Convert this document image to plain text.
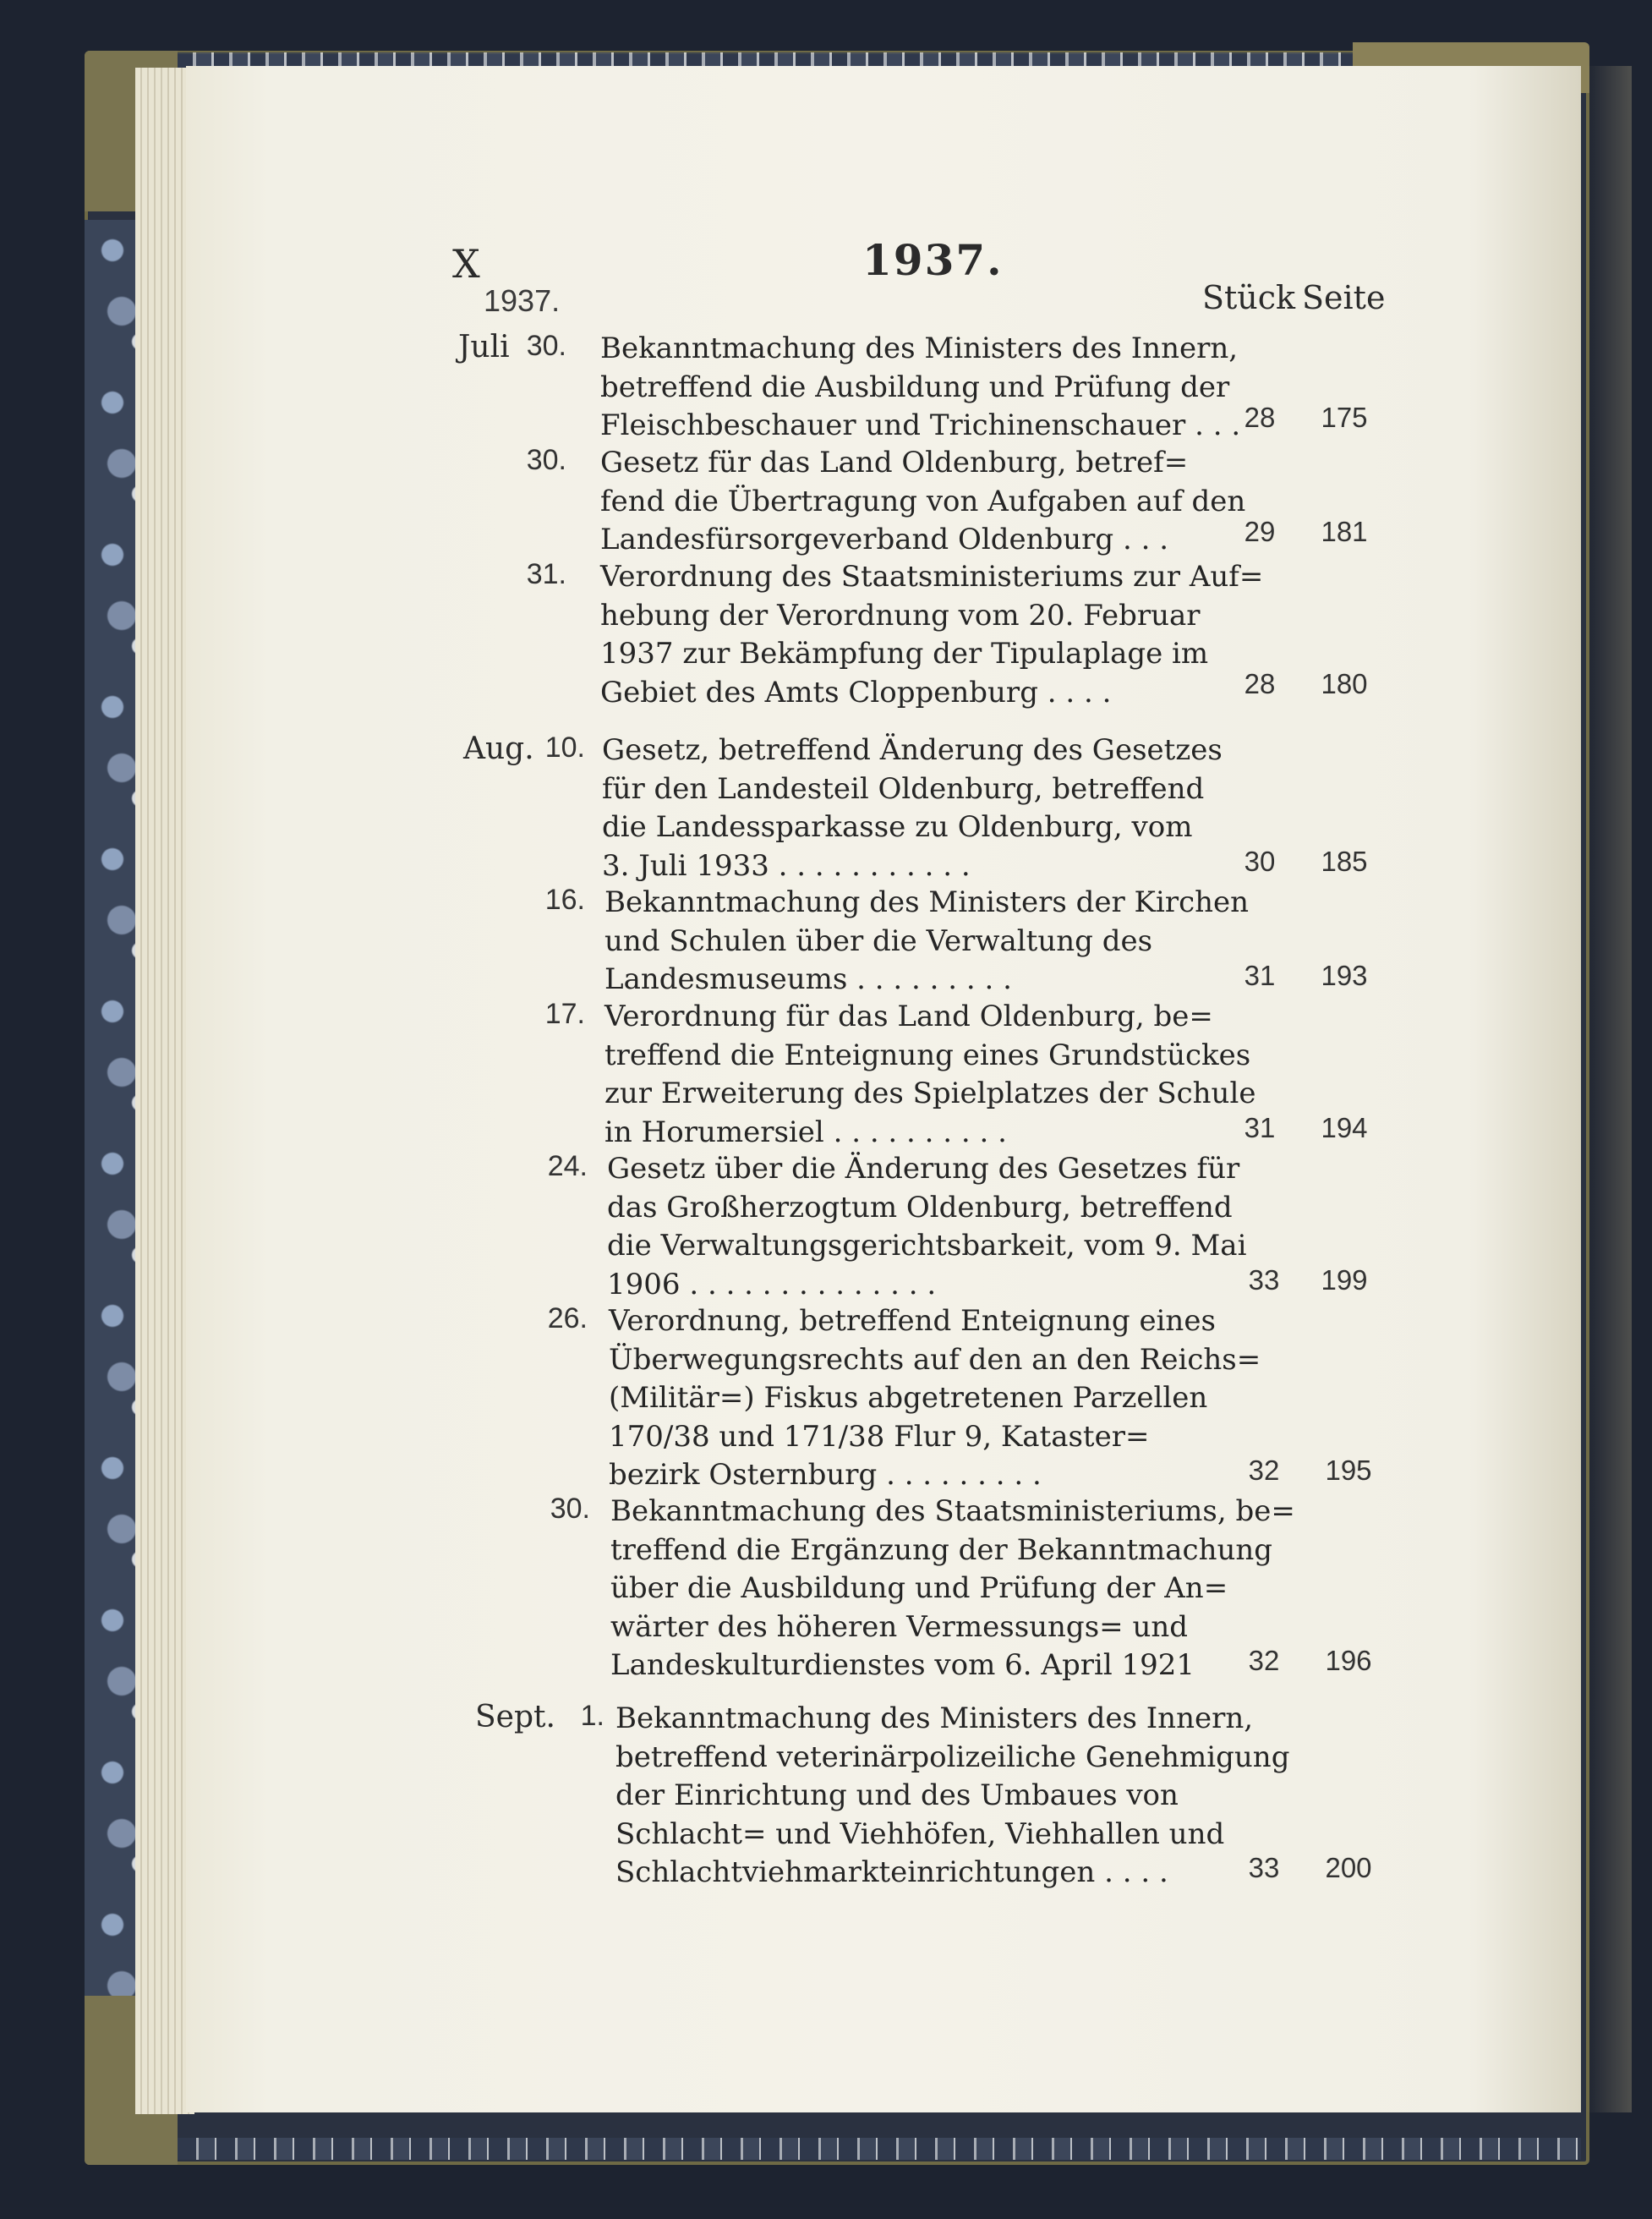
X	1937.
1937.	Stück Seite
Juli 30. Bekanntmachung des Ministers des Innern,
betreffend die Ausbildung und Prüfung der
Fleischbeschauer und Trichinenschauer . . . 28	175
30. Gesetz für das Land Oldenburg, betref=
fend die Übertragung von Aufgaben auf den
Landesfürsorgeverband Oldenburg . . .	29	181
31. Verordnung des Staatsministeriums zur Auf=
hebung der Verordnung vom 20. Februar
1937 zur Bekämpfung der Tipulaplage im
Gebiet des Amts Cloppenburg . . . .	28	180
Aug. 10. Gesetz, betreffend Änderung des Gesetzes
für den Landesteil Oldenburg, betreffend
die Landessparkasse zu Oldenburg, vom
3. Juli 1933 . . . . . . . . . . .	30	185
16. Bekanntmachung des Ministers der Kirchen
und Schulen über die Verwaltung des
Landesmuseums . . . . . . . . .	31	193
17. Verordnung für das Land Oldenburg, be=
treffend die Enteignung eines Grundstückes
zur Erweiterung des Spielplatzes der Schule
in Horumersiel . . . . . . . . . .	31	194
24. Gesetz über die Änderung des Gesetzes für
das Großherzogtum Oldenburg, betreffend
die Verwaltungsgerichtsbarkeit, vom 9. Mai
1906 . . . . . . . . . . . . . .	33	199
26. Verordnung, betreffend Enteignung eines
Überwegungsrechts auf den an den Reichs=
(Militär=) Fiskus abgetretenen Parzellen
170/38 und 171/38 Flur 9, Kataster=
bezirk Osternburg . . . . . . . . .	32	195
30. Bekanntmachung des Staatsministeriums, be=
treffend die Ergänzung der Bekanntmachung
über die Ausbildung und Prüfung der An=
wärter des höheren Vermessungs= und
Landeskulturdienstes vom 6. April 1921	32	196
Sept. 1. Bekanntmachung des Ministers des Innern,
betreffend veterinärpolizeiliche Genehmigung
der Einrichtung und des Umbaues von
Schlacht= und Viehhöfen, Viehhallen und
Schlachtviehmarkteinrichtungen . . . .	33	200
